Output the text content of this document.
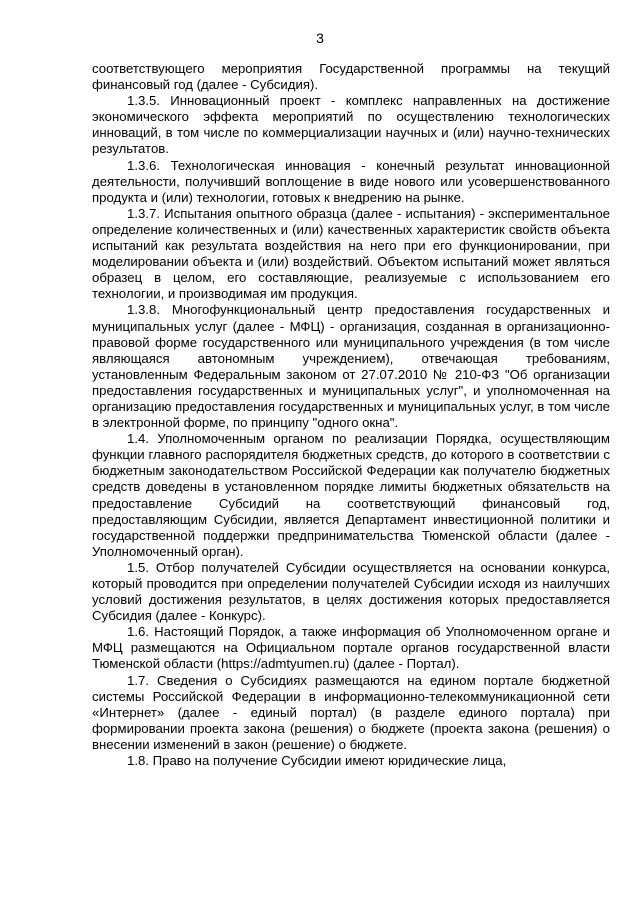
3

соответствующего мероприятия Государственной программы на текущий финансовый год (далее - Субсидия).

1.3.5. Инновационный проект - комплекс направленных на достижение экономического эффекта мероприятий по осуществлению технологических инноваций, в том числе по коммерциализации научных и (или) научно-технических результатов.

1.3.6. Технологическая инновация - конечный результат инновационной деятельности, получивший воплощение в виде нового или усовершенствованного продукта и (или) технологии, готовых к внедрению на рынке.

1.3.7. Испытания опытного образца (далее - испытания) - экспериментальное определение количественных и (или) качественных характеристик свойств объекта испытаний как результата воздействия на него при его функционировании, при моделировании объекта и (или) воздействий. Объектом испытаний может являться образец в целом, его составляющие, реализуемые с использованием его технологии, и производимая им продукция.

1.3.8. Многофункциональный центр предоставления государственных и муниципальных услуг (далее - МФЦ) - организация, созданная в организационно-правовой форме государственного или муниципального учреждения (в том числе являющаяся автономным учреждением), отвечающая требованиям, установленным Федеральным законом от 27.07.2010 № 210-ФЗ "Об организации предоставления государственных и муниципальных услуг", и уполномоченная на организацию предоставления государственных и муниципальных услуг, в том числе в электронной форме, по принципу "одного окна".

1.4. Уполномоченным органом по реализации Порядка, осуществляющим функции главного распорядителя бюджетных средств, до которого в соответствии с бюджетным законодательством Российской Федерации как получателю бюджетных средств доведены в установленном порядке лимиты бюджетных обязательств на предоставление Субсидий на соответствующий финансовый год, предоставляющим Субсидии, является Департамент инвестиционной политики и государственной поддержки предпринимательства Тюменской области (далее - Уполномоченный орган).

1.5. Отбор получателей Субсидии осуществляется на основании конкурса, который проводится при определении получателей Субсидии исходя из наилучших условий достижения результатов, в целях достижения которых предоставляется Субсидия (далее - Конкурс).

1.6. Настоящий Порядок, а также информация об Уполномоченном органе и МФЦ размещаются на Официальном портале органов государственной власти Тюменской области (https://admtyumen.ru) (далее - Портал).

1.7. Сведения о Субсидиях размещаются на едином портале бюджетной системы Российской Федерации в информационно-телекоммуникационной сети «Интернет» (далее - единый портал) (в разделе единого портала) при формировании проекта закона (решения) о бюджете (проекта закона (решения) о внесении изменений в закон (решение) о бюджете.

1.8. Право на получение Субсидии имеют юридические лица,
